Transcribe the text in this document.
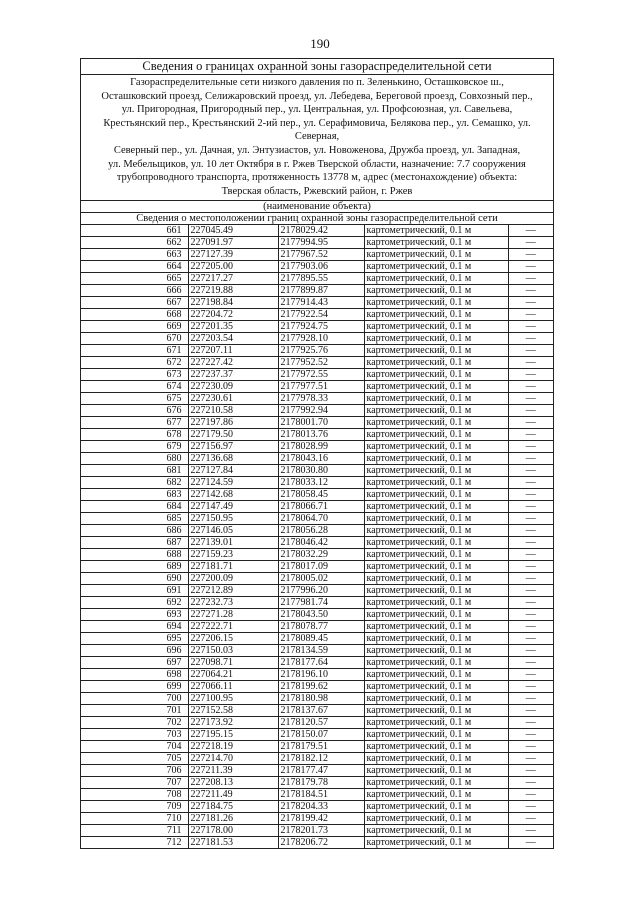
190
Сведения о границах охранной зоны газораспределительной сети
Газораспределительные сети низкого давления по п. Зеленькино, Осташковское ш.,
Осташковский проезд, Селижаровский проезд, ул. Лебедева, Береговой проезд, Совхозный пер.,
ул. Пригородная, Пригородный пер., ул. Центральная, ул. Профсоюзная, ул. Савельева,
Крестьянский пер., Крестьянский 2-ий пер., ул. Серафимовича, Белякова пер., ул. Семашко, ул. Северная,
Северный пер., ул. Дачная, ул. Энтузиастов, ул. Новоженова, Дружба проезд, ул. Западная,
ул. Мебельщиков, ул. 10 лет Октября в г. Ржев Тверской области, назначение: 7.7 сооружения
трубопроводного транспорта, протяженность 13778 м, адрес (местонахождение) объекта:
Тверская область, Ржевский район, г. Ржев
(наименование объекта)
Сведения о местоположении границ охранной зоны газораспределительной сети
661	227045.49	2178029.42	картометрический, 0.1 м	—
662	227091.97	2177994.95	картометрический, 0.1 м	—
663	227127.39	2177967.52	картометрический, 0.1 м	—
664	227205.00	2177903.06	картометрический, 0.1 м	—
665	227217.27	2177895.55	картометрический, 0.1 м	—
666	227219.88	2177899.87	картометрический, 0.1 м	—
667	227198.84	2177914.43	картометрический, 0.1 м	—
668	227204.72	2177922.54	картометрический, 0.1 м	—
669	227201.35	2177924.75	картометрический, 0.1 м	—
670	227203.54	2177928.10	картометрический, 0.1 м	—
671	227207.11	2177925.76	картометрический, 0.1 м	—
672	227227.42	2177952.52	картометрический, 0.1 м	—
673	227237.37	2177972.55	картометрический, 0.1 м	—
674	227230.09	2177977.51	картометрический, 0.1 м	—
675	227230.61	2177978.33	картометрический, 0.1 м	—
676	227210.58	2177992.94	картометрический, 0.1 м	—
677	227197.86	2178001.70	картометрический, 0.1 м	—
678	227179.50	2178013.76	картометрический, 0.1 м	—
679	227156.97	2178028.99	картометрический, 0.1 м	—
680	227136.68	2178043.16	картометрический, 0.1 м	—
681	227127.84	2178030.80	картометрический, 0.1 м	—
682	227124.59	2178033.12	картометрический, 0.1 м	—
683	227142.68	2178058.45	картометрический, 0.1 м	—
684	227147.49	2178066.71	картометрический, 0.1 м	—
685	227150.95	2178064.70	картометрический, 0.1 м	—
686	227146.05	2178056.28	картометрический, 0.1 м	—
687	227139.01	2178046.42	картометрический, 0.1 м	—
688	227159.23	2178032.29	картометрический, 0.1 м	—
689	227181.71	2178017.09	картометрический, 0.1 м	—
690	227200.09	2178005.02	картометрический, 0.1 м	—
691	227212.89	2177996.20	картометрический, 0.1 м	—
692	227232.73	2177981.74	картометрический, 0.1 м	—
693	227271.28	2178043.50	картометрический, 0.1 м	—
694	227222.71	2178078.77	картометрический, 0.1 м	—
695	227206.15	2178089.45	картометрический, 0.1 м	—
696	227150.03	2178134.59	картометрический, 0.1 м	—
697	227098.71	2178177.64	картометрический, 0.1 м	—
698	227064.21	2178196.10	картометрический, 0.1 м	—
699	227066.11	2178199.62	картометрический, 0.1 м	—
700	227100.95	2178180.98	картометрический, 0.1 м	—
701	227152.58	2178137.67	картометрический, 0.1 м	—
702	227173.92	2178120.57	картометрический, 0.1 м	—
703	227195.15	2178150.07	картометрический, 0.1 м	—
704	227218.19	2178179.51	картометрический, 0.1 м	—
705	227214.70	2178182.12	картометрический, 0.1 м	—
706	227211.39	2178177.47	картометрический, 0.1 м	—
707	227208.13	2178179.78	картометрический, 0.1 м	—
708	227211.49	2178184.51	картометрический, 0.1 м	—
709	227184.75	2178204.33	картометрический, 0.1 м	—
710	227181.26	2178199.42	картометрический, 0.1 м	—
711	227178.00	2178201.73	картометрический, 0.1 м	—
712	227181.53	2178206.72	картометрический, 0.1 м	—
